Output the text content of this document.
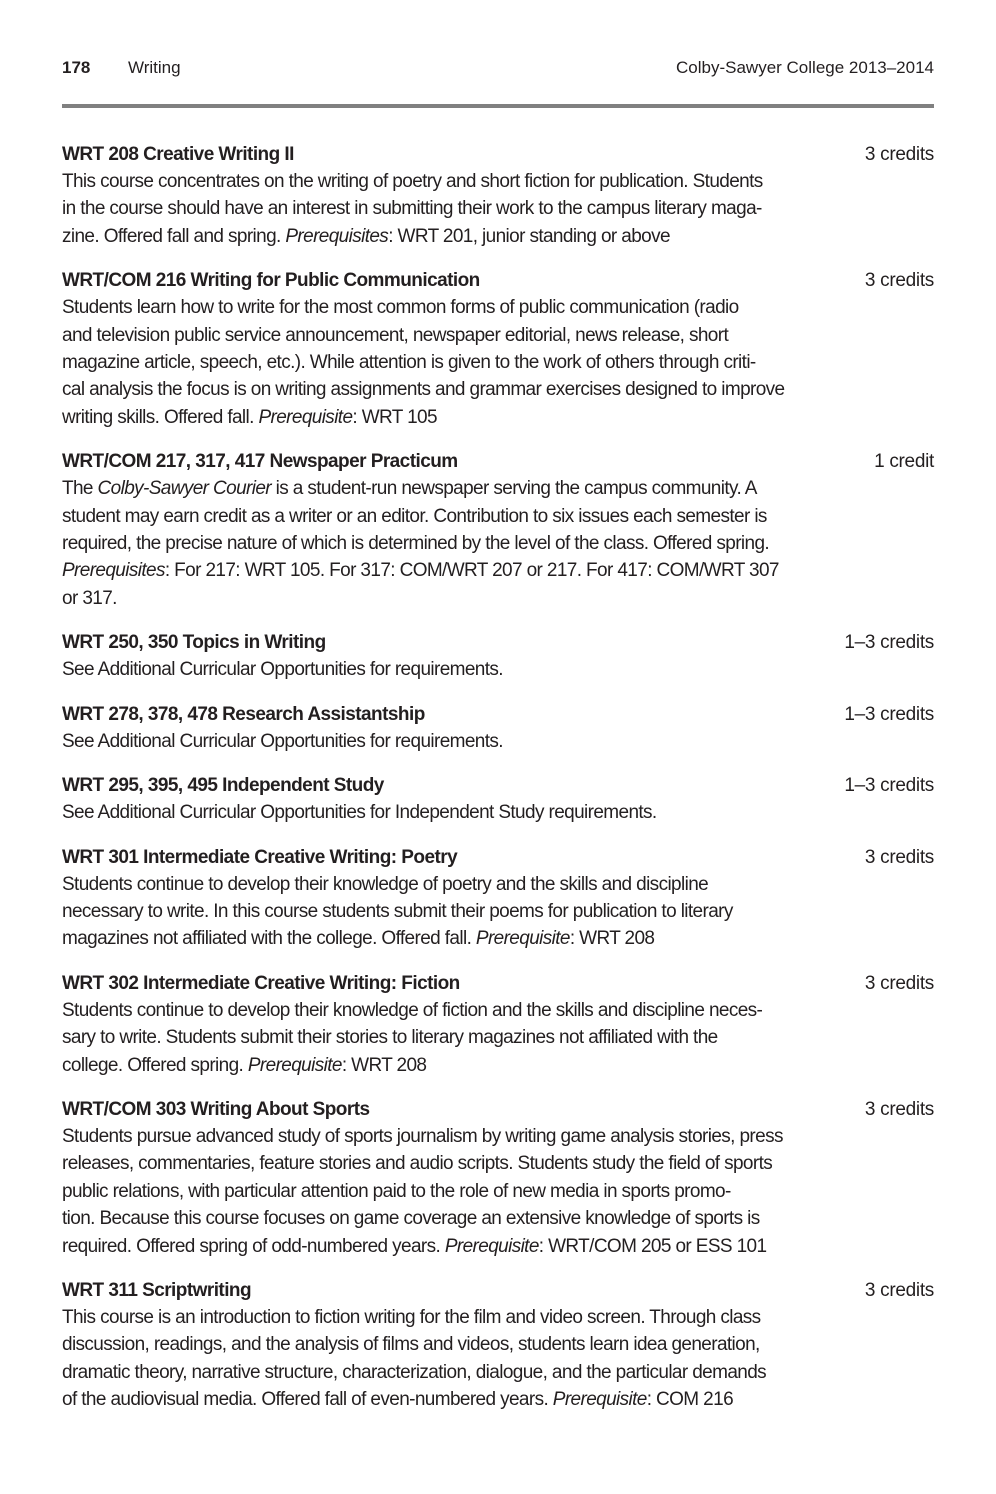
178 Writing	Colby-Sawyer College 2013–2014
WRT 208 Creative Writing II	3 credits
This course concentrates on the writing of poetry and short fiction for publication. Students
in the course should have an interest in submitting their work to the campus literary maga-
zine. Offered fall and spring. Prerequisites: WRT 201, junior standing or above
WRT/COM 216 Writing for Public Communication	3 credits
Students learn how to write for the most common forms of public communication (radio
and television public service announcement, newspaper editorial, news release, short
magazine article, speech, etc.). While attention is given to the work of others through criti-
cal analysis the focus is on writing assignments and grammar exercises designed to improve
writing skills. Offered fall. Prerequisite: WRT 105
WRT/COM 217, 317, 417 Newspaper Practicum	1 credit
The Colby-Sawyer Courier is a student-run newspaper serving the campus community. A
student may earn credit as a writer or an editor. Contribution to six issues each semester is
required, the precise nature of which is determined by the level of the class. Offered spring.
Prerequisites: For 217: WRT 105. For 317: COM/WRT 207 or 217. For 417: COM/WRT 307
or 317.
WRT 250, 350 Topics in Writing	1–3 credits
See Additional Curricular Opportunities for requirements.
WRT 278, 378, 478 Research Assistantship	1–3 credits
See Additional Curricular Opportunities for requirements.
WRT 295, 395, 495 Independent Study	1–3 credits
See Additional Curricular Opportunities for Independent Study requirements.
WRT 301 Intermediate Creative Writing: Poetry	3 credits
Students continue to develop their knowledge of poetry and the skills and discipline
necessary to write. In this course students submit their poems for publication to literary
magazines not affiliated with the college. Offered fall. Prerequisite: WRT 208
WRT 302 Intermediate Creative Writing: Fiction	3 credits
Students continue to develop their knowledge of fiction and the skills and discipline neces-
sary to write. Students submit their stories to literary magazines not affiliated with the
college. Offered spring. Prerequisite: WRT 208
WRT/COM 303 Writing About Sports	3 credits
Students pursue advanced study of sports journalism by writing game analysis stories, press
releases, commentaries, feature stories and audio scripts. Students study the field of sports
public relations, with particular attention paid to the role of new media in sports promo-
tion. Because this course focuses on game coverage an extensive knowledge of sports is
required. Offered spring of odd-numbered years. Prerequisite: WRT/COM 205 or ESS 101
WRT 311 Scriptwriting	3 credits
This course is an introduction to fiction writing for the film and video screen. Through class
discussion, readings, and the analysis of films and videos, students learn idea generation,
dramatic theory, narrative structure, characterization, dialogue, and the particular demands
of the audiovisual media. Offered fall of even-numbered years. Prerequisite: COM 216
